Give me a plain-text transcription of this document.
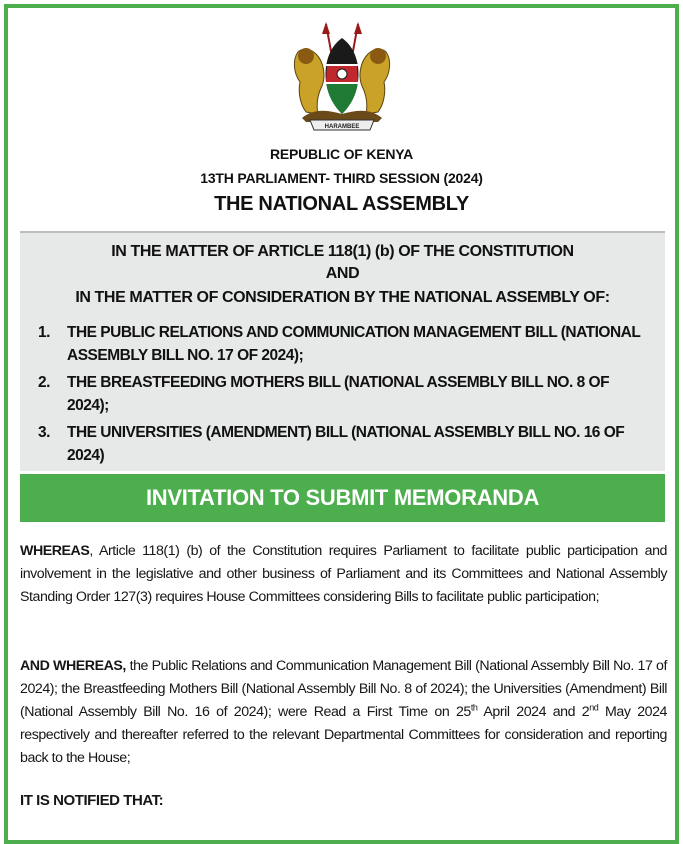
HARAMBEE
REPUBLIC OF KENYA
13TH PARLIAMENT- THIRD SESSION (2024)
THE NATIONAL ASSEMBLY
IN THE MATTER OF ARTICLE 118(1) (b) OF THE CONSTITUTION
AND
IN THE MATTER OF CONSIDERATION BY THE NATIONAL ASSEMBLY OF:
1. THE PUBLIC RELATIONS AND COMMUNICATION MANAGEMENT BILL (NATIONAL ASSEMBLY BILL NO. 17 OF 2024);
2. THE BREASTFEEDING MOTHERS BILL (NATIONAL ASSEMBLY BILL NO. 8 OF 2024);
3. THE UNIVERSITIES (AMENDMENT) BILL (NATIONAL ASSEMBLY BILL NO. 16 OF 2024)
INVITATION TO SUBMIT MEMORANDA
WHEREAS, Article 118(1) (b) of the Constitution requires Parliament to facilitate public participation and involvement in the legislative and other business of Parliament and its Committees and National Assembly Standing Order 127(3) requires House Committees considering Bills to facilitate public participation;
AND WHEREAS, the Public Relations and Communication Management Bill (National Assembly Bill No. 17 of 2024); the Breastfeeding Mothers Bill (National Assembly Bill No. 8 of 2024); the Universities (Amendment) Bill (National Assembly Bill No. 16 of 2024); were Read a First Time on 25th April 2024 and 2nd May 2024 respectively and thereafter referred to the relevant Departmental Committees for consideration and reporting back to the House;
IT IS NOTIFIED THAT:
